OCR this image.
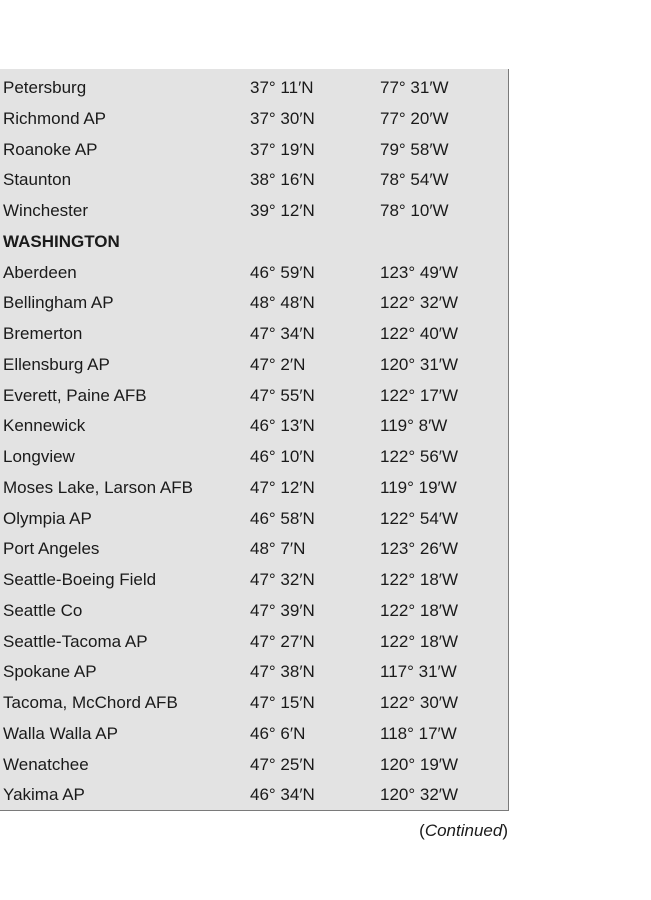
Petersburg	37° 11′N	77° 31′W
Richmond AP	37° 30′N	77° 20′W
Roanoke AP	37° 19′N	79° 58′W
Staunton	38° 16′N	78° 54′W
Winchester	39° 12′N	78° 10′W
WASHINGTON
Aberdeen	46° 59′N	123° 49′W
Bellingham AP	48° 48′N	122° 32′W
Bremerton	47° 34′N	122° 40′W
Ellensburg AP	47° 2′N	120° 31′W
Everett, Paine AFB	47° 55′N	122° 17′W
Kennewick	46° 13′N	119° 8′W
Longview	46° 10′N	122° 56′W
Moses Lake, Larson AFB	47° 12′N	119° 19′W
Olympia AP	46° 58′N	122° 54′W
Port Angeles	48° 7′N	123° 26′W
Seattle-Boeing Field	47° 32′N	122° 18′W
Seattle Co	47° 39′N	122° 18′W
Seattle-Tacoma AP	47° 27′N	122° 18′W
Spokane AP	47° 38′N	117° 31′W
Tacoma, McChord AFB	47° 15′N	122° 30′W
Walla Walla AP	46° 6′N	118° 17′W
Wenatchee	47° 25′N	120° 19′W
Yakima AP	46° 34′N	120° 32′W
(Continued)
